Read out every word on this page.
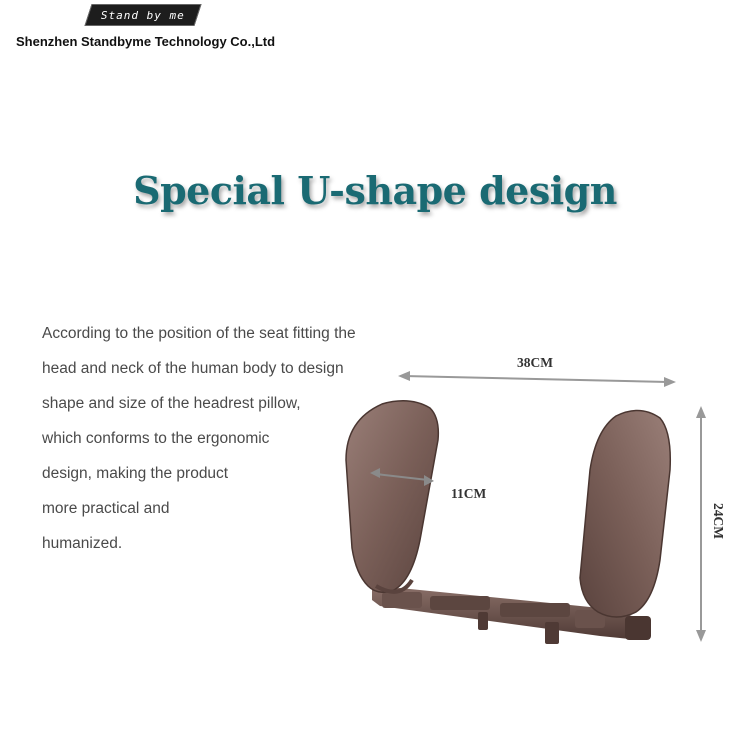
Stand by me
Shenzhen Standbyme Technology Co.,Ltd
Special U-shape design
According to the position of the seat fitting the
head and neck of the human body to design
shape and size of the headrest pillow,
which conforms to the ergonomic
design, making the product
more practical and
humanized.
38CM
11CM
24CM
